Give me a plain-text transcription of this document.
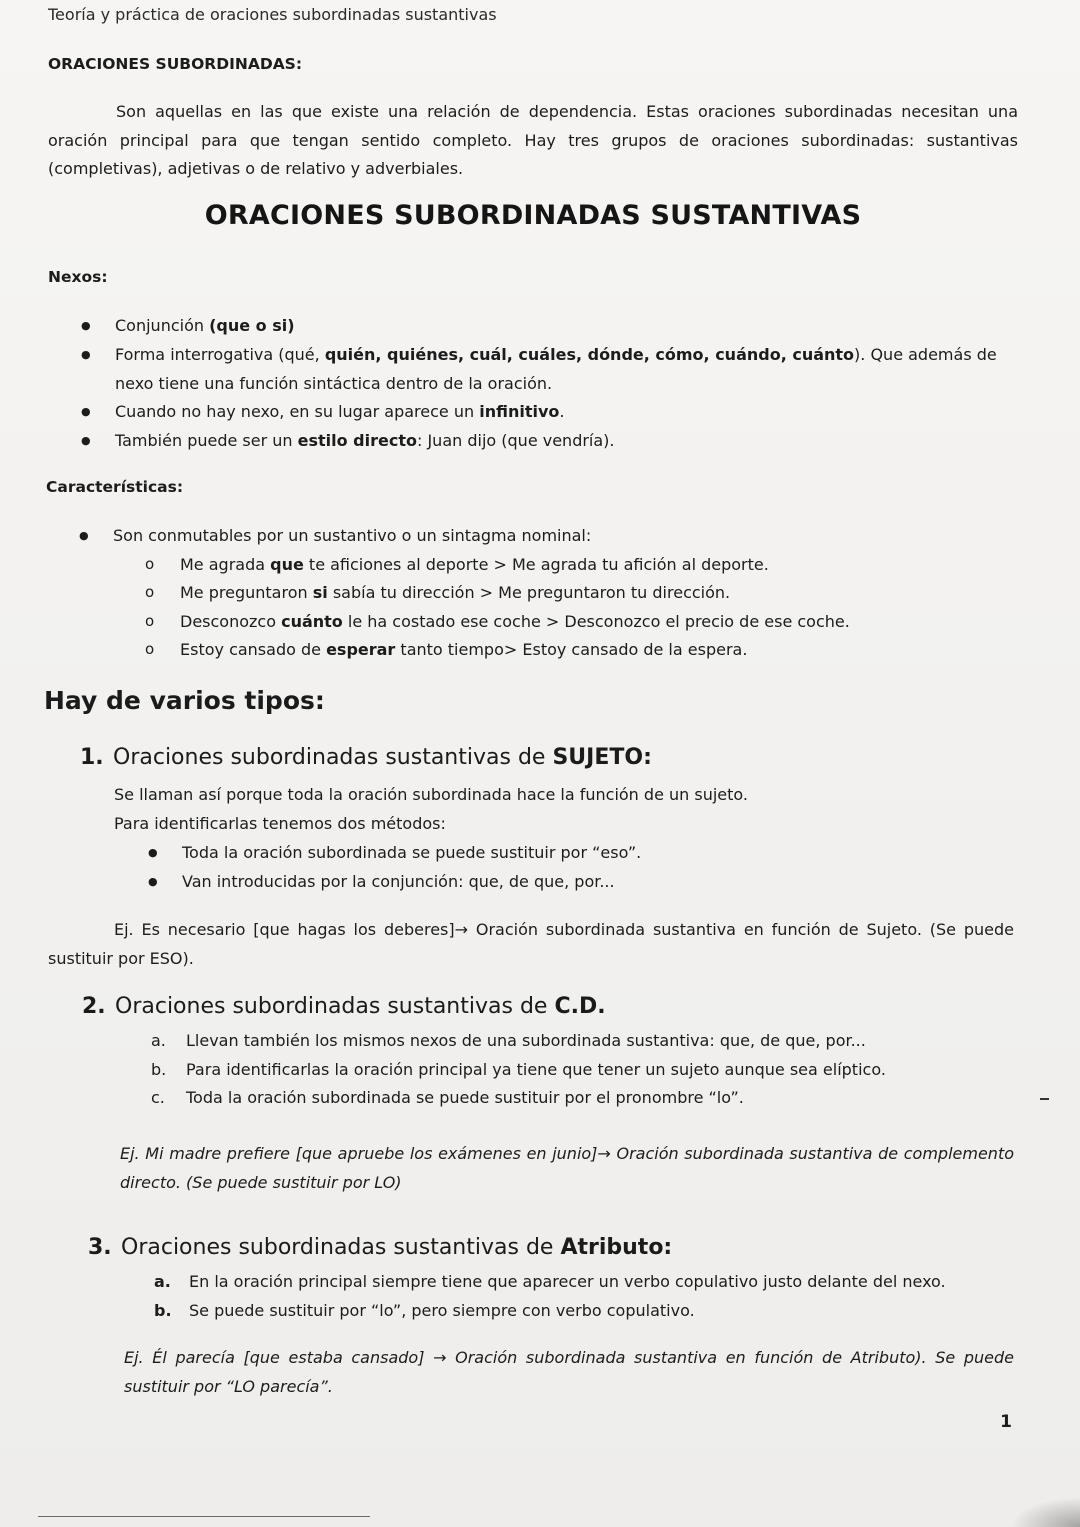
Teoría y práctica de oraciones subordinadas sustantivas

ORACIONES SUBORDINADAS:

Son aquellas en las que existe una relación de dependencia. Estas oraciones subordinadas necesitan una oración principal para que tengan sentido completo. Hay tres grupos de oraciones subordinadas: sustantivas (completivas), adjetivas o de relativo y adverbiales.

ORACIONES SUBORDINADAS SUSTANTIVAS

Nexos:

● Conjunción (que o si)
● Forma interrogativa (qué, quién, quiénes, cuál, cuáles, dónde, cómo, cuándo, cuánto). Que además de nexo tiene una función sintáctica dentro de la oración.
● Cuando no hay nexo, en su lugar aparece un infinitivo.
● También puede ser un estilo directo: Juan dijo (que vendría).

Características:

● Son conmutables por un sustantivo o un sintagma nominal:
o Me agrada que te aficiones al deporte > Me agrada tu afición al deporte.
o Me preguntaron si sabía tu dirección > Me preguntaron tu dirección.
o Desconozco cuánto le ha costado ese coche > Desconozco el precio de ese coche.
o Estoy cansado de esperar tanto tiempo> Estoy cansado de la espera.
Hay de varios tipos:

1. Oraciones subordinadas sustantivas de SUJETO:

Se llaman así porque toda la oración subordinada hace la función de un sujeto.

Para identificarlas tenemos dos métodos:

● Toda la oración subordinada se puede sustituir por “eso”.
● Van introducidas por la conjunción: que, de que, por...

Ej. Es necesario [que hagas los deberes]→ Oración subordinada sustantiva en función de Sujeto. (Se puede sustituir por ESO).

2. Oraciones subordinadas sustantivas de C.D.

a. Llevan también los mismos nexos de una subordinada sustantiva: que, de que, por...
b. Para identificarlas la oración principal ya tiene que tener un sujeto aunque sea elíptico.
c. Toda la oración subordinada se puede sustituir por el pronombre “lo”.

Ej. Mi madre prefiere [que apruebe los exámenes en junio]→ Oración subordinada sustantiva de complemento directo. (Se puede sustituir por LO)

3. Oraciones subordinadas sustantivas de Atributo:

a. En la oración principal siempre tiene que aparecer un verbo copulativo justo delante del nexo.
b. Se puede sustituir por “lo”, pero siempre con verbo copulativo.

Ej. Él parecía [que estaba cansado] → Oración subordinada sustantiva en función de Atributo). Se puede sustituir por “LO parecía”.

1
